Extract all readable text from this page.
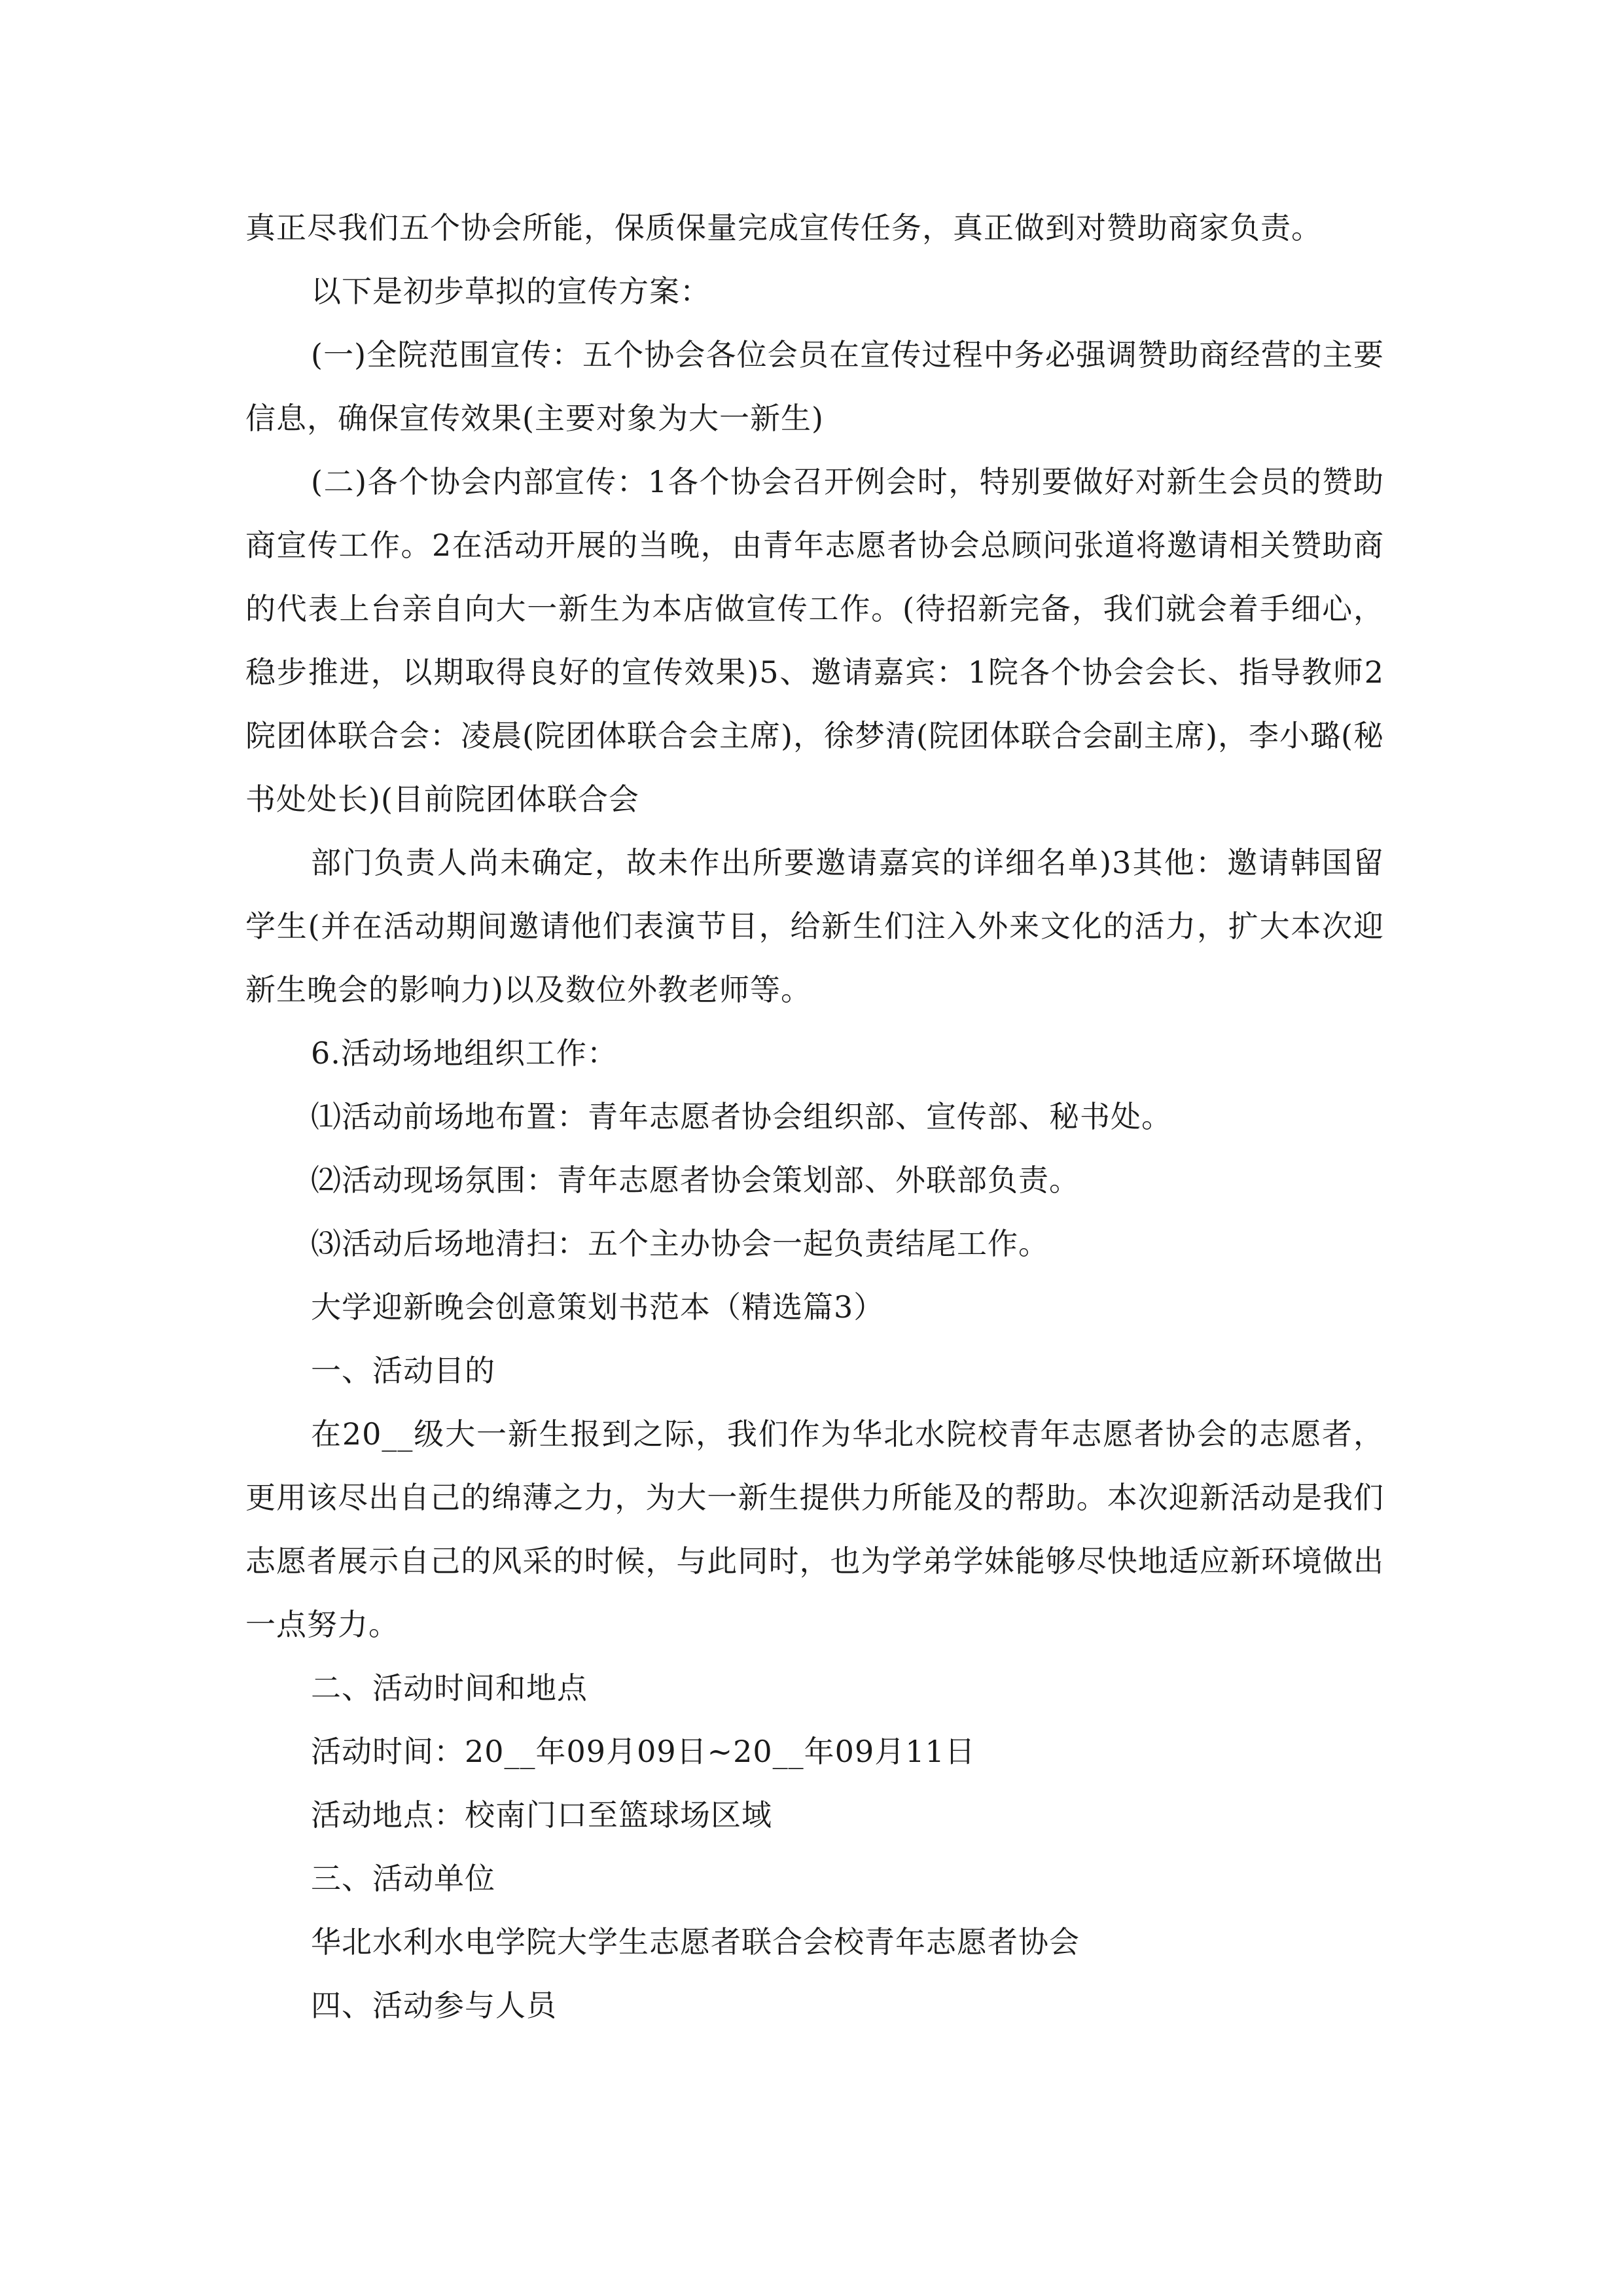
真正尽我们五个协会所能，保质保量完成宣传任务，真正做到对赞助商家负责。

以下是初步草拟的宣传方案：

(一)全院范围宣传：五个协会各位会员在宣传过程中务必强调赞助商经营的主要信息，确保宣传效果(主要对象为大一新生)

(二)各个协会内部宣传：1各个协会召开例会时，特别要做好对新生会员的赞助商宣传工作。2在活动开展的当晚，由青年志愿者协会总顾问张道将邀请相关赞助商的代表上台亲自向大一新生为本店做宣传工作。(待招新完备，我们就会着手细心，稳步推进，以期取得良好的宣传效果)5、邀请嘉宾：1院各个协会会长、指导教师2院团体联合会：凌晨(院团体联合会主席)，徐梦清(院团体联合会副主席)，李小璐(秘书处处长)(目前院团体联合会

部门负责人尚未确定，故未作出所要邀请嘉宾的详细名单)3其他：邀请韩国留学生(并在活动期间邀请他们表演节目，给新生们注入外来文化的活力，扩大本次迎新生晚会的影响力)以及数位外教老师等。

6.活动场地组织工作：

⑴活动前场地布置：青年志愿者协会组织部、宣传部、秘书处。

⑵活动现场氛围：青年志愿者协会策划部、外联部负责。

⑶活动后场地清扫：五个主办协会一起负责结尾工作。

大学迎新晚会创意策划书范本（精选篇3）

一、活动目的

在20__级大一新生报到之际，我们作为华北水院校青年志愿者协会的志愿者，更用该尽出自己的绵薄之力，为大一新生提供力所能及的帮助。本次迎新活动是我们志愿者展示自己的风采的时候，与此同时，也为学弟学妹能够尽快地适应新环境做出一点努力。

二、活动时间和地点

活动时间：20__年09月09日~20__年09月11日

活动地点：校南门口至篮球场区域

三、活动单位

华北水利水电学院大学生志愿者联合会校青年志愿者协会

四、活动参与人员
